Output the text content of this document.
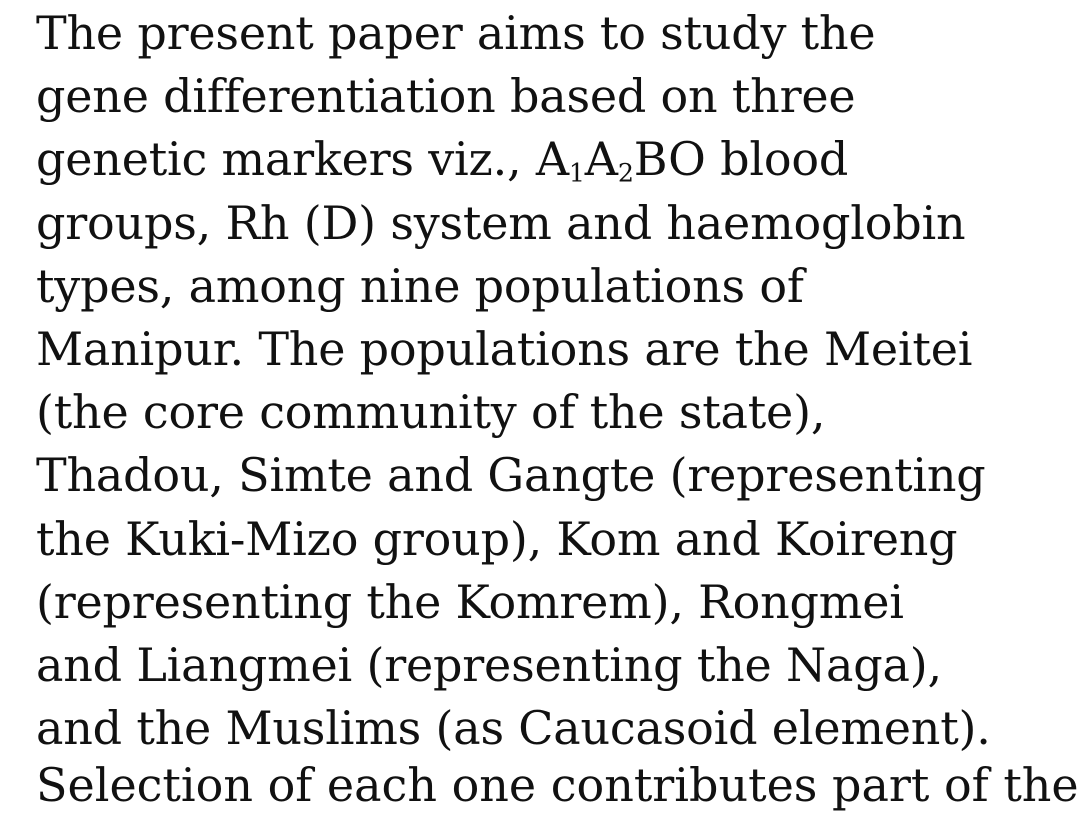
The present paper aims to study the
gene differentiation based on three
genetic markers viz., $A_1A_2BO$ blood
groups, Rh (D) system and haemoglobin
types, among nine populations of
Manipur. The populations are the Meitei
(the core community of the state),
Thadou, Simte and Gangte (representing
the Kuki-Mizo group), Kom and Koireng
(representing the Komrem), Rongmei
and Liangmei (representing the Naga),
and the Muslims (as Caucasoid element).
Selection of each one contributes part of the
